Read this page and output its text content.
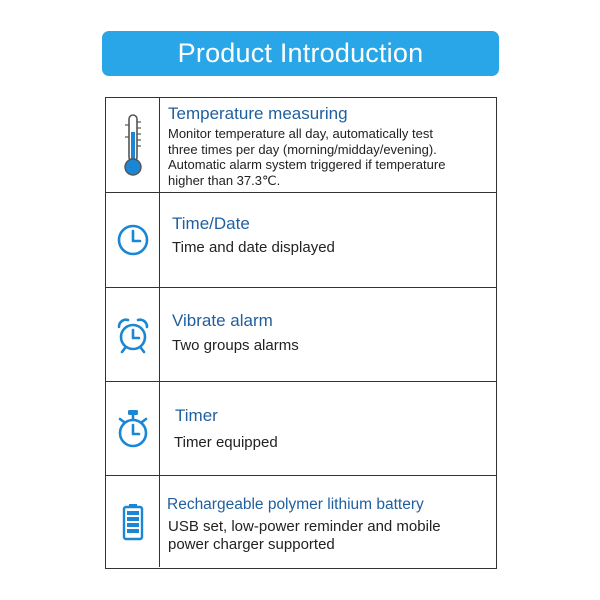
Product Introduction
Temperature measuring
Monitor temperature all day, automatically test
three times per day (morning/midday/evening).
Automatic alarm system triggered if temperature
higher than 37.3℃.
Time/Date
Time and date displayed
Vibrate alarm
Two groups alarms
Timer
Timer equipped
Rechargeable polymer lithium battery
USB set, low-power reminder and mobile
power charger supported
